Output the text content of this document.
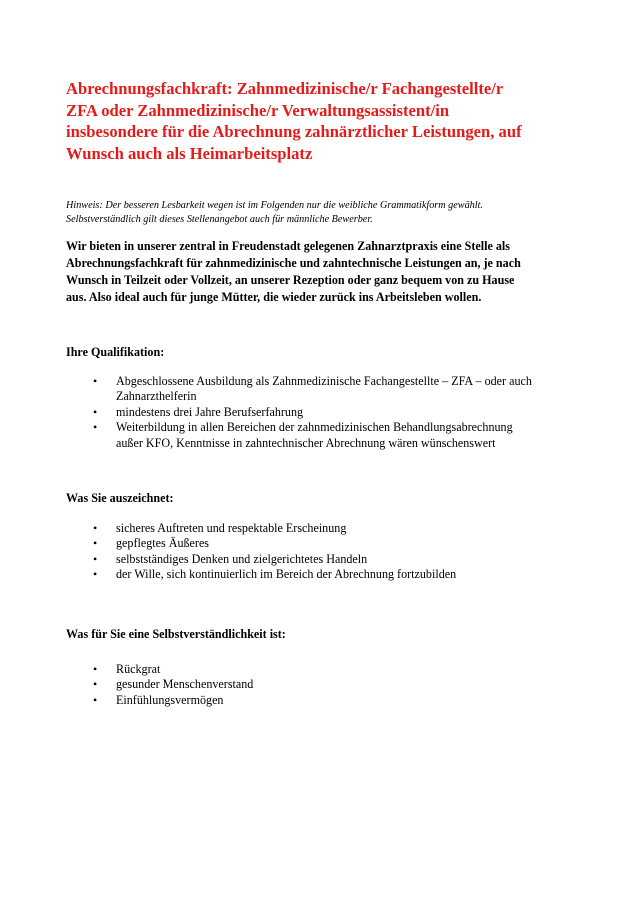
Abrechnungsfachkraft: Zahnmedizinische/r Fachangestellte/r
ZFA oder Zahnmedizinische/r Verwaltungsassistent/in
insbesondere für die Abrechnung zahnärztlicher Leistungen, auf
Wunsch auch als Heimarbeitsplatz

Hinweis: Der besseren Lesbarkeit wegen ist im Folgenden nur die weibliche Grammatikform gewählt.
Selbstverständlich gilt dieses Stellenangebot auch für männliche Bewerber.

Wir bieten in unserer zentral in Freudenstadt gelegenen Zahnarztpraxis eine Stelle als
Abrechnungsfachkraft für zahnmedizinische und zahntechnische Leistungen an, je nach
Wunsch in Teilzeit oder Vollzeit, an unserer Rezeption oder ganz bequem von zu Hause
aus. Also ideal auch für junge Mütter, die wieder zurück ins Arbeitsleben wollen.

Ihre Qualifikation:
• Abgeschlossene Ausbildung als Zahnmedizinische Fachangestellte – ZFA – oder auch
Zahnarzthelferin
• mindestens drei Jahre Berufserfahrung
• Weiterbildung in allen Bereichen der zahnmedizinischen Behandlungsabrechnung
außer KFO, Kenntnisse in zahntechnischer Abrechnung wären wünschenswert
Was Sie auszeichnet:
• sicheres Auftreten und respektable Erscheinung
• gepflegtes Äußeres
• selbstständiges Denken und zielgerichtetes Handeln
• der Wille, sich kontinuierlich im Bereich der Abrechnung fortzubilden
Was für Sie eine Selbstverständlichkeit ist:
• Rückgrat
• gesunder Menschenverstand
• Einfühlungsvermögen
